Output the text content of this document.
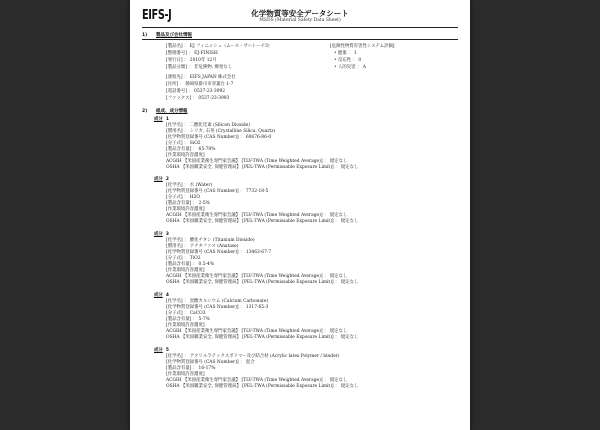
EIFS-J	化学物質等安全データシート
MSDS (Material Safety Data Sheet)
1) 製品及び会社情報
[製品名] ： EJ フィニッシュ（ムース・サハトーナ3）
[整理番号] ： EJ-FINISH
[発行日] ： 2010年 12月
[製品分類] ： 非危険物, 爆発なし
[危険性物質有害性システム評価]
• 健康 ： 1
• 反応性 ： 0
• 人的災害 ： A
[連絡先] ： EIFS JAPAN 株式会社
[住所] ： 静岡県掛川市青葉台 1-7
[電話番号] ： 0537-23-3992
[ファックス] ： 0537-23-3993
2) 組成、成分情報
成分 1
[化学名] ： 二酸化珪素 (Silicon Dioxide)
[慣用名] ： シリカ, 石英 (Crystalline Silica, Quartz)
[化学物質登録番号 (CAS Number)] ： 60676-86-0
[分子式] ： SiO2
[製品含有量] ： 65-78%
[作業環境許容濃度]
ACGIH 【米国産業衛生専門家会議】 [TLV-TWA (Time Weighted Average)] ： 規定なし
OSHA 【米国職業安全, 保健管理局】 [PEL-TWA (Permissable Exposure Limit)] ： 規定なし
成分 2
[化学名] ： 水 (Water)
[化学物質登録番号 (CAS Number)] ： 7732-18-5
[分子式] ： H2O
[製品含有量] ： 2-5%
[作業環境許容濃度]
ACGIH 【米国産業衛生専門家会議】 [TLV-TWA (Time Weighted Average)] ： 規定なし
OSHA 【米国職業安全, 保健管理局】 [PEL-TWA (Permissable Exposure Limit)] ： 規定なし
成分 3
[化学名] ： 酸化チタン (Titanium Dioxide)
[慣用名] ： アナタファス (Anatase)
[化学物質登録番号 (CAS Number)] ： 13463-67-7
[分子式] ： TiO2
[製品含有量] ： 0.5-4%
[作業環境許容濃度]
ACGIH 【米国産業衛生専門家会議】 [TLV-TWA (Time Weighted Average)] ： 規定なし
OSHA 【米国職業安全, 保健管理局】 [PEL-TWA (Permissable Exposure Limit)] ： 規定なし
成分 4
[化学名] ： 炭酸カルシウム (Calcium Carbonate)
[化学物質登録番号 (CAS Number)] ： 1317-65-3
[分子式] ： CaCO3
[製品含有量] ： 5-7%
[作業環境許容濃度]
ACGIH 【米国産業衛生専門家会議】 [TLV-TWA (Time Weighted Average)] ： 規定なし
OSHA 【米国職業安全, 保健管理局】 [PEL-TWA (Permissable Exposure Limit)] ： 規定なし
成分 5
[化学名] ： アクリルラテックスポリマー及び結合材 (Acrylic latex Polymer / binder)
[化学物質登録番号 (CAS Number)] ： 混合
[製品含有量] ： 16-17%
[作業環境許容濃度]
ACGIH 【米国産業衛生専門家会議】 [TLV-TWA (Time Weighted Average)] ： 規定なし
OSHA 【米国職業安全, 保健管理局】 [PEL-TWA (Permissable Exposure Limit)] ： 規定なし
